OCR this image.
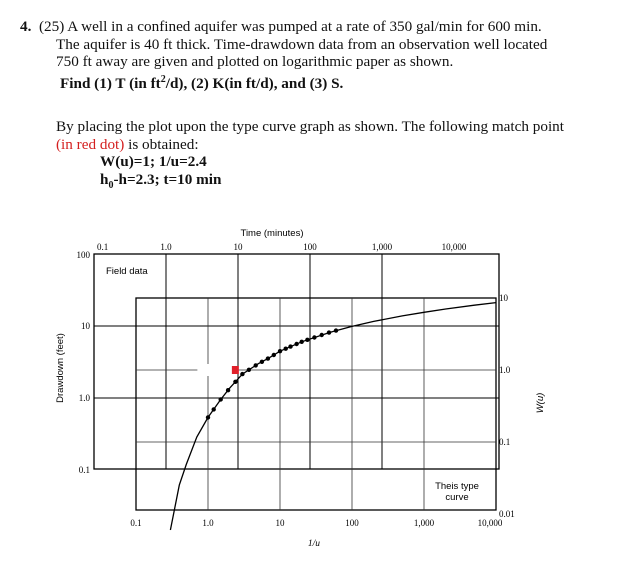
4. (25) A well in a confined aquifer was pumped at a rate of 350 gal/min for 600 min.
The aquifer is 40 ft thick. Time-drawdown data from an observation well located
750 ft away are given and plotted on logarithmic paper as shown.
Find (1) T (in $ft^2/d$), (2) K(in ft/d), and (3) S.
By placing the plot upon the type curve graph as shown. The following match point
(in red dot) is obtained:
W(u)=1; 1/u=2.4
$h_0-h=2.3$; t=10 min
0.1	1.0	10	100	1,000	10,000
100
10
1.0
0.1
0.1	1.0	10	100	1,000	10,000
10
1.0
0.1
0.01
Time (minutes)
Field data
Drawdown (feet)
W(u)
1/u
Theis type
curve
